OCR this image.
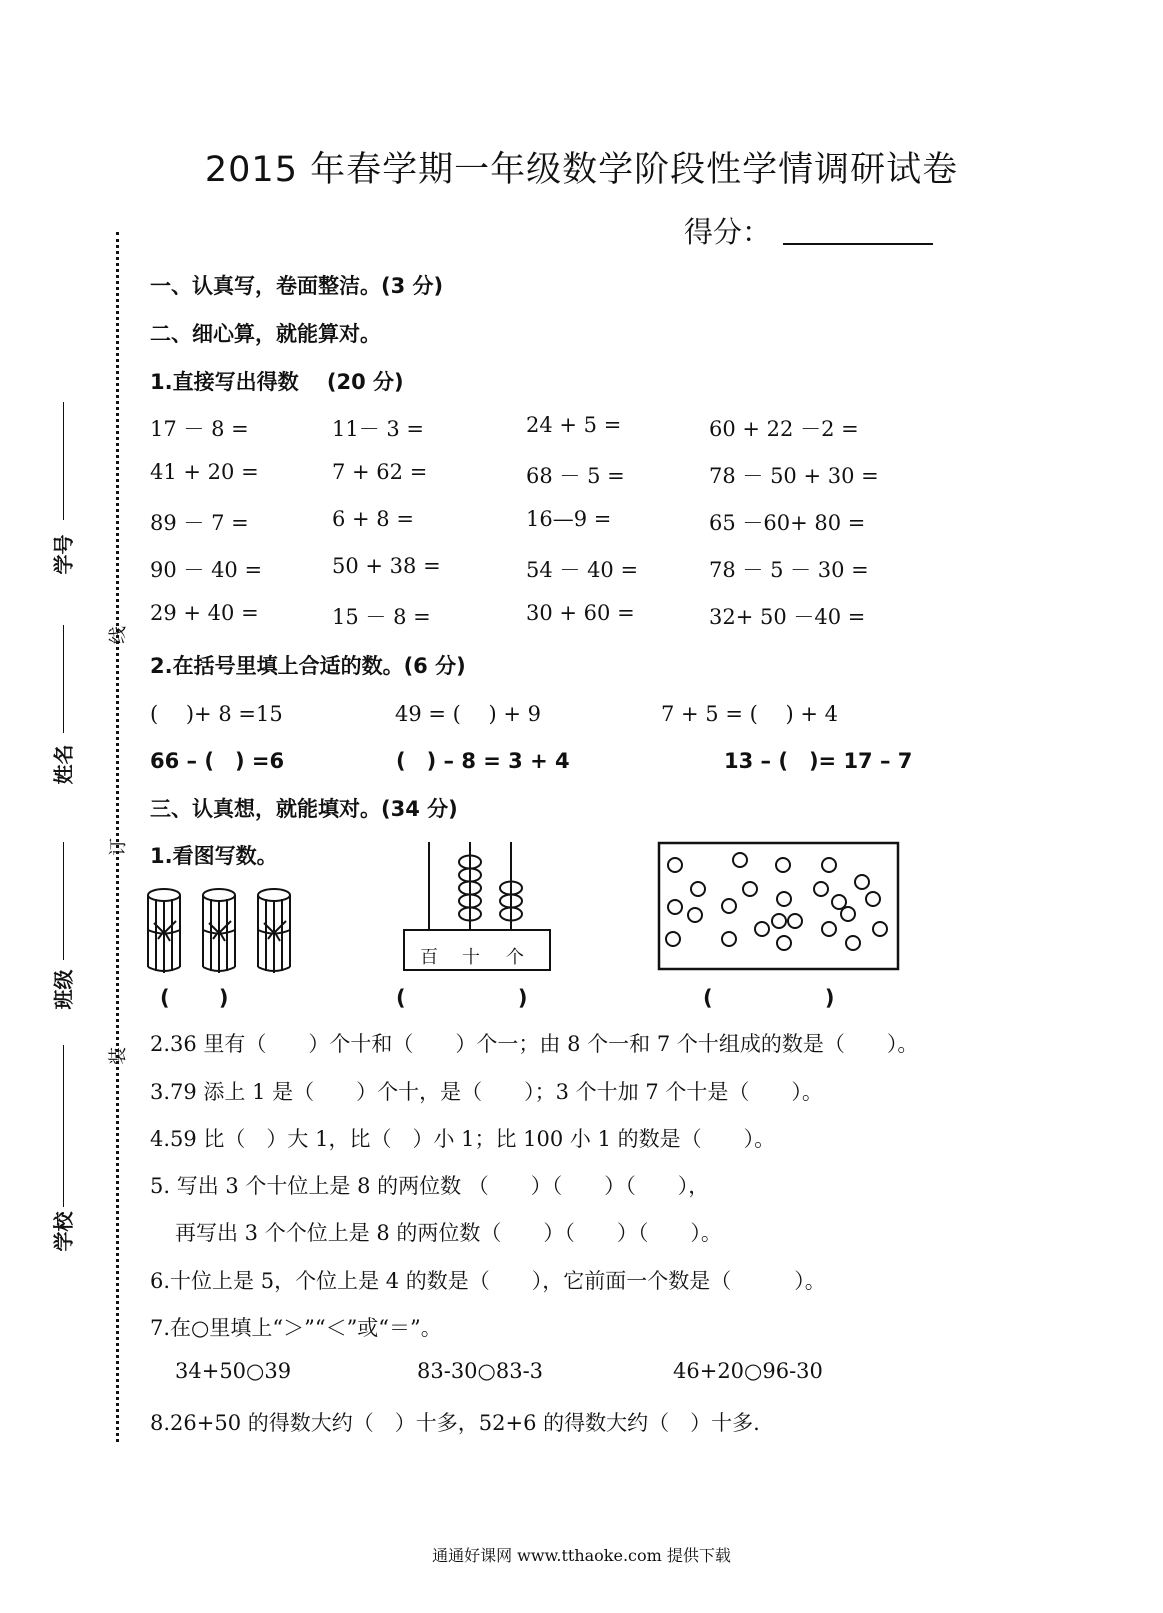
2015 年春学期一年级数学阶段性学情调研试卷
得分：
学号
姓名
班级
学校
线
订
装
一、认真写，卷面整洁。(3 分)
二、细心算，就能算对。
1.直接写出得数 　(20 分)
17 － 8 =	11－ 3 =	24 + 5 =	60 + 22 －2 =
41 + 20 =	7 + 62 =	68 － 5 =	78 － 50 + 30 =
89 － 7 =	6 + 8 =	16—9 =	65 －60+ 80 =
90 － 40 =	50 + 38 =	54 － 40 =	78 － 5 － 30 =
29 + 40 =	15 － 8 =	30 + 60 =	32+ 50 －40 =
2.在括号里填上合适的数。(6 分)
(　 )+ 8 =15	49 = (　 ) + 9	7 + 5 = (　 ) + 4
66 – (　) =6	(　) – 8 = 3 + 4	13 – (　)= 17 – 7
三、认真想，就能填对。(34 分)
1.看图写数。
百 十 个
(　　 )	(　　　　　 )	(　　　　　 )
2.36 里有（　　）个十和（　　）个一；由 8 个一和 7 个十组成的数是（　　）。
3.79 添上 1 是（　　）个十，是（　　）；3 个十加 7 个十是（　　）。
4.59 比（　）大 1，比（　）小 1；比 100 小 1 的数是（　　）。
5. 写出 3 个十位上是 8 的两位数 （　　）（　　）（　　），
再写出 3 个个位上是 8 的两位数（　　）（　　）（　　）。
6.十位上是 5，个位上是 4 的数是（　　），它前面一个数是（　　　）。
7.在○里填上“＞”“＜”或“＝”。
34+50○39	83-30○83-3	46+20○96-30
8.26+50 的得数大约（　）十多，52+6 的得数大约（　）十多.
通通好课网 www.tthaoke.com 提供下载
